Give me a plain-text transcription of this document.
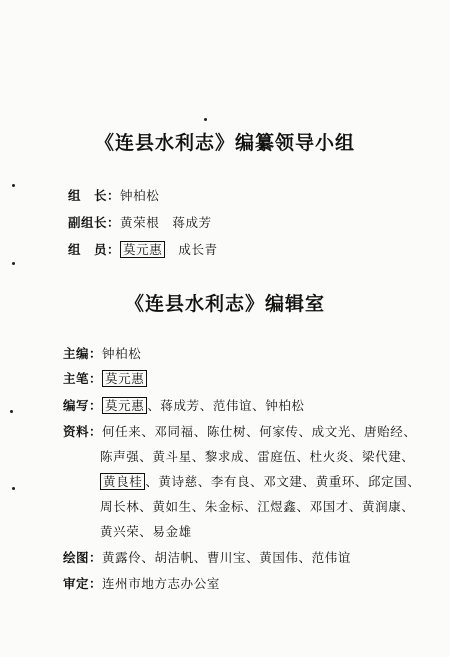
《连县水利志》编纂领导小组
组　长：钟柏松
副组长：黄荣根　蒋成芳
组　员： 莫元惠　 成长青
《连县水利志》编辑室
主编：钟柏松
主笔： 莫元惠
编写： 莫元惠 、蒋成芳、范伟谊、钟柏松
资料：何任来、邓同福、陈仕树、何家传、成文光、唐贻经、
陈声强、黄斗星、黎求成、雷庭伍、杜火炎、梁代建、
黄良桂 、黄诗慈、李有良、邓文建、黄重环、邱定国、
周长林、黄如生、朱金标、江煜鑫、邓国才、黄润康、
黄兴荣、易金雄
绘图：黄露伶、胡洁帆、曹川宝、黄国伟、范伟谊
审定：连州市地方志办公室
